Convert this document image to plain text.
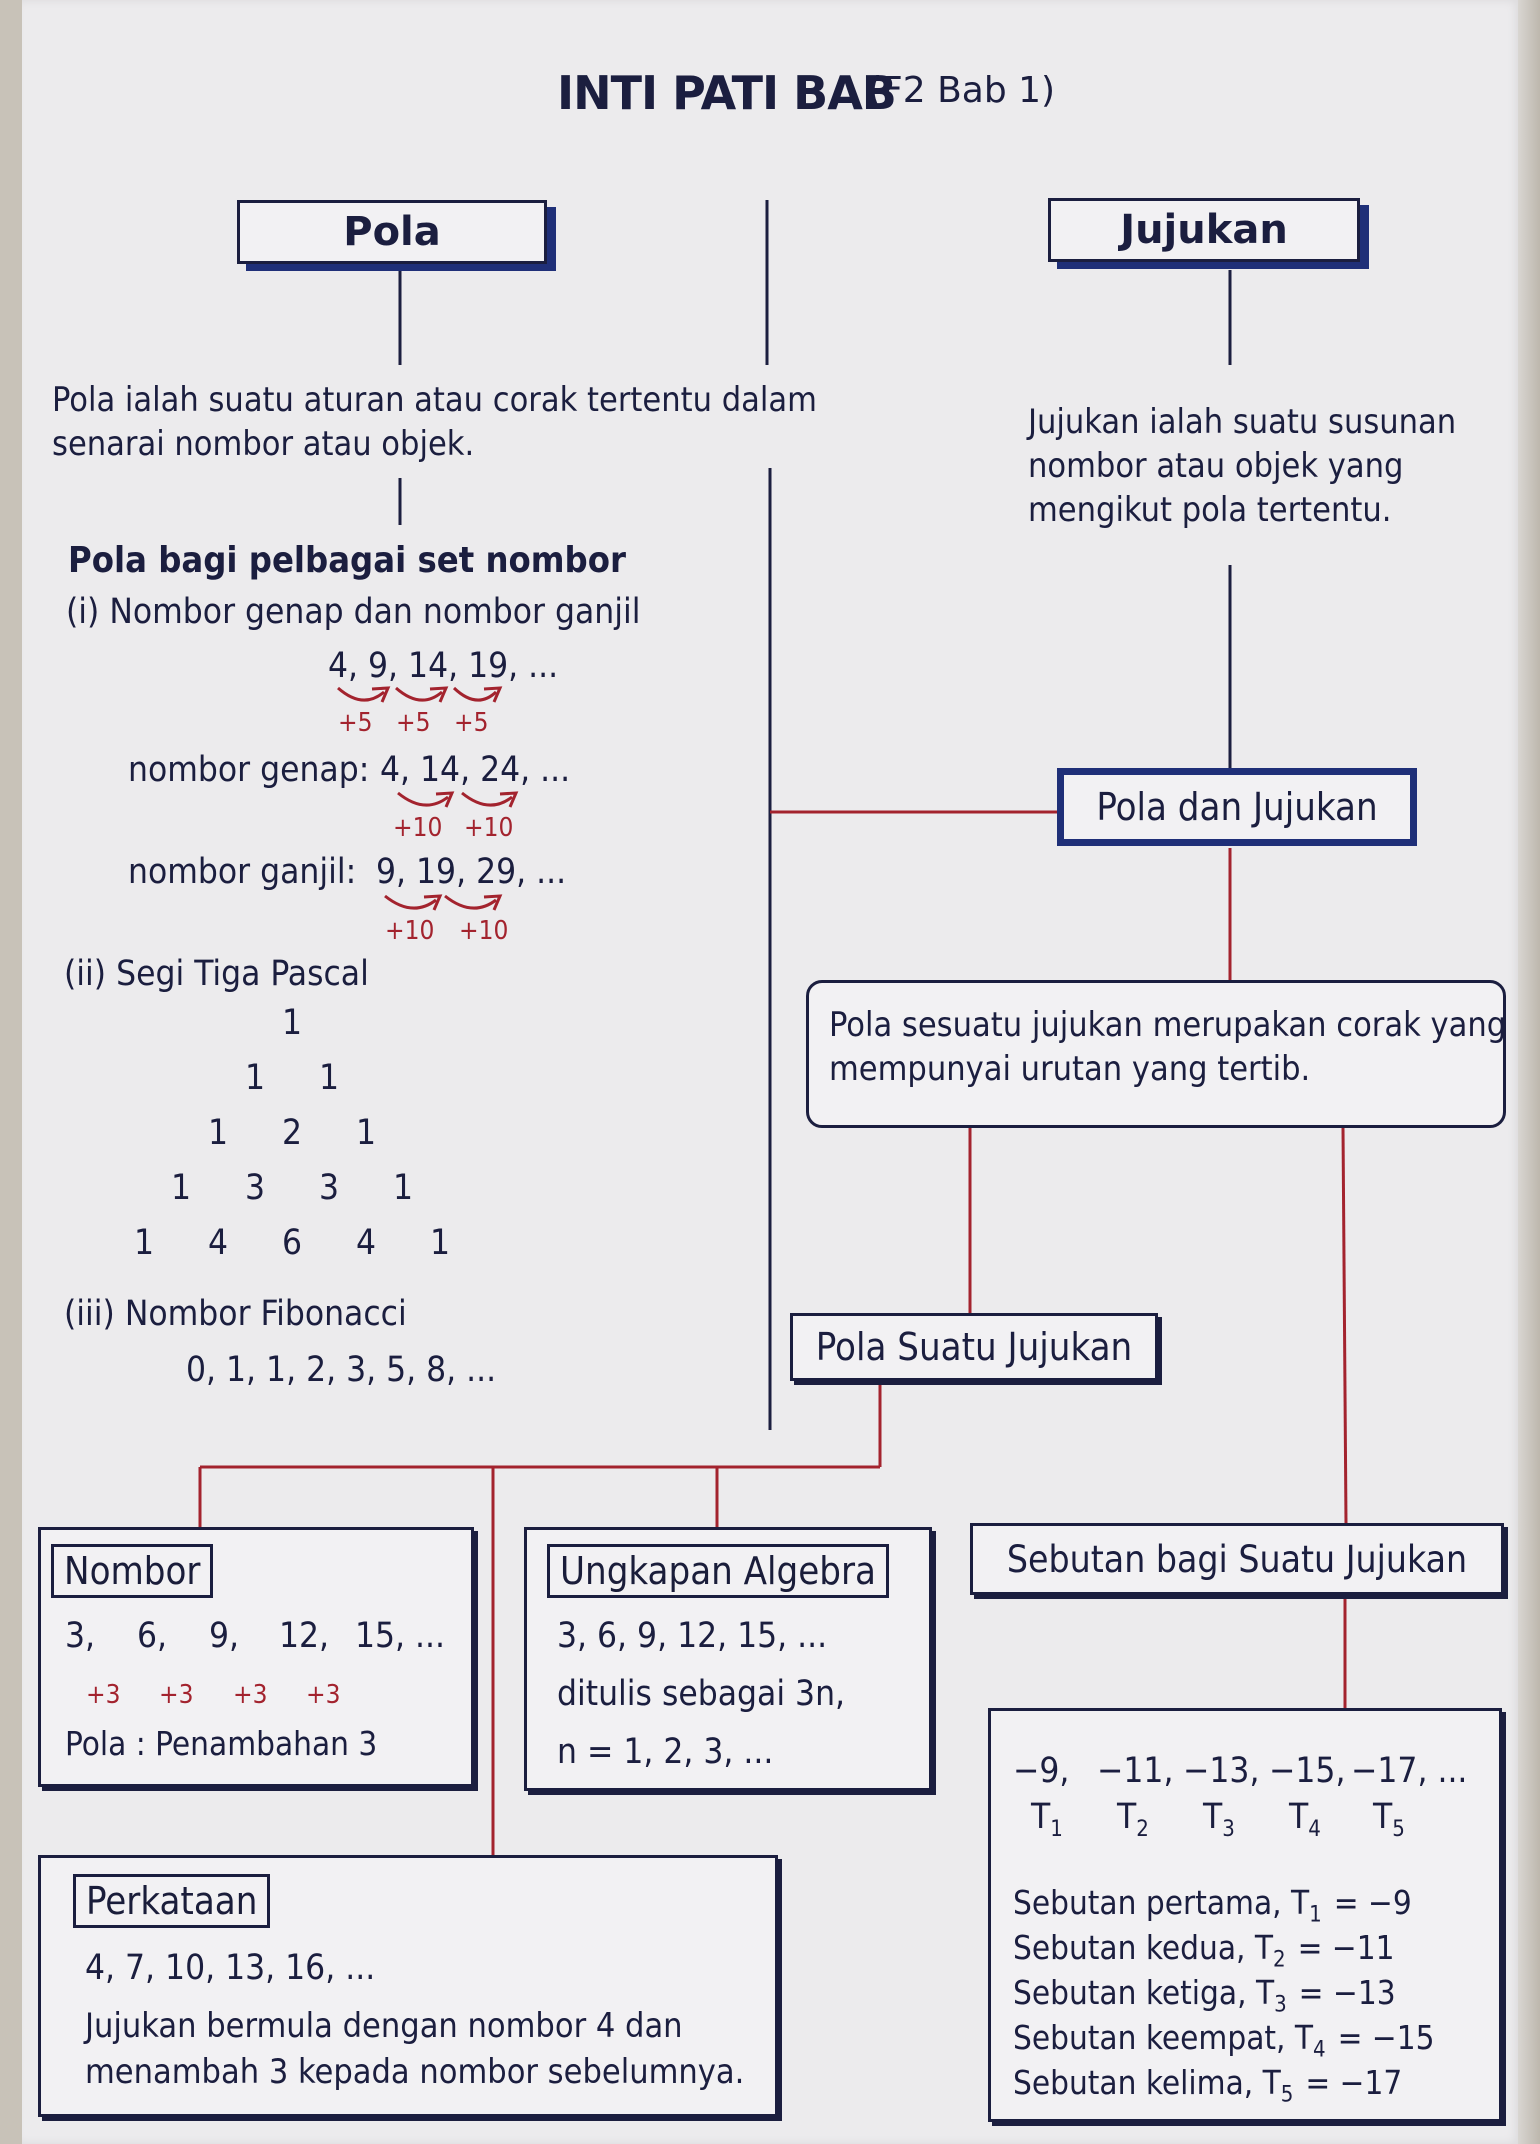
INTI PATI BAB
(F2 Bab 1)
Pola
Pola ialah suatu aturan atau corak tertentu dalam
senarai nombor atau objek.
Pola bagi pelbagai set nombor
(i) Nombor genap dan nombor ganjil
4, 9, 14, 19, ...
+5 +5 +5
nombor genap: 4, 14, 24, ...
+10 +10
nombor ganjil: 9, 19, 29, ...
+10 +10
(ii) Segi Tiga Pascal
1
1 1
1 2 1
1 3 3 1
1 4 6 4 1
(iii) Nombor Fibonacci
0, 1, 1, 2, 3, 5, 8, ...
Jujukan
Jujukan ialah suatu susunan
nombor atau objek yang
mengikut pola tertentu.
Pola dan Jujukan
Pola sesuatu jujukan merupakan corak yang
mempunyai urutan yang tertib.
Pola Suatu Jujukan
Nombor
3, 6, 9, 12, 15, ...
+3 +3 +3 +3
Pola : Penambahan 3
Ungkapan Algebra
3, 6, 9, 12, 15, ...
ditulis sebagai 3n,
n = 1, 2, 3, ...
Perkataan
4, 7, 10, 13, 16, ...
Jujukan bermula dengan nombor 4 dan
menambah 3 kepada nombor sebelumnya.
Sebutan bagi Suatu Jujukan
−9,
$T_1$
−11,
$T_2$
−13,
$T_3$
−15,
$T_4$
−17, ...
$T_5$
Sebutan pertama, $T_1 = -9$
Sebutan kedua, $T_2 = -11$
Sebutan ketiga, $T_3 = -13$
Sebutan keempat, $T_4 = -15$
Sebutan kelima, $T_5 = -17$
